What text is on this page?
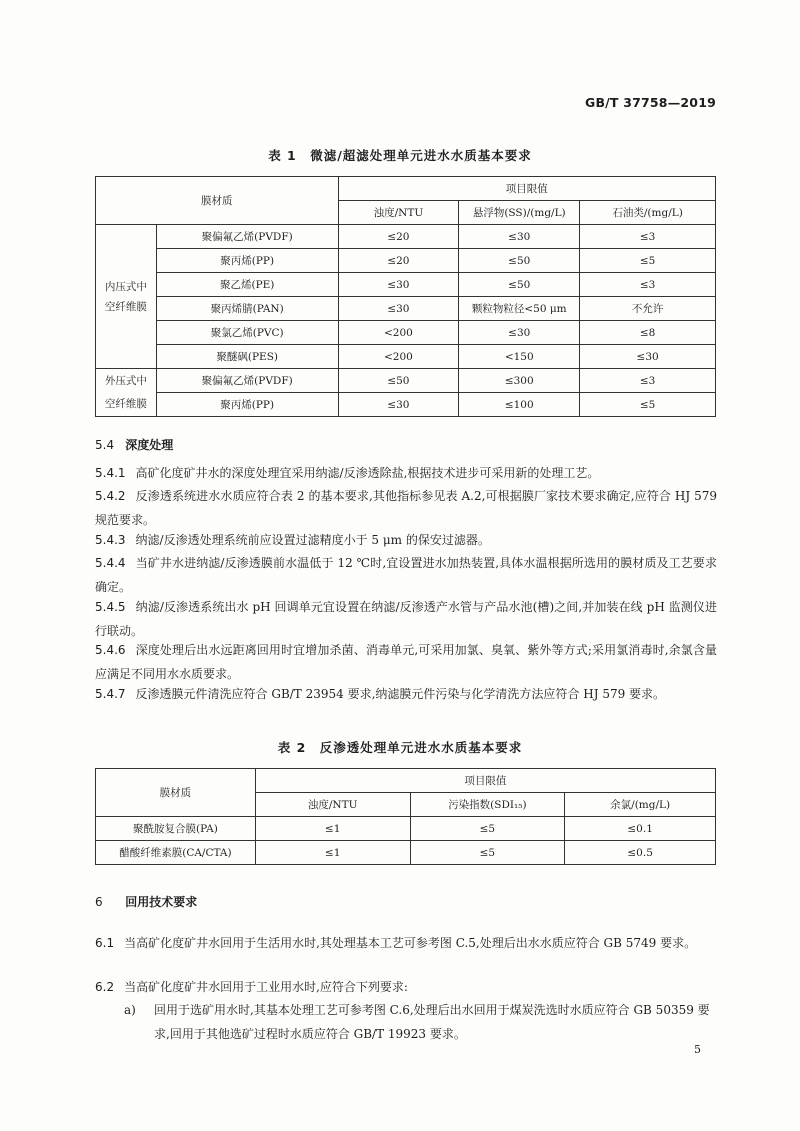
GB/T 37758—2019
表 1　微滤/超滤处理单元进水水质基本要求
膜材质		项目限值		
		浊度/NTU	悬浮物(SS)/(mg/L)	石油类/(mg/L)
内压式中空纤维膜	聚偏氟乙烯(PVDF)	≤20	≤30	≤3
	聚丙烯(PP)	≤20	≤50	≤5
	聚乙烯(PE)	≤30	≤50	≤3
	聚丙烯腈(PAN)	≤30	颗粒物粒径<50 μm	不允许
	聚氯乙烯(PVC)	<200	≤30	≤8
	聚醚砜(PES)	<200	<150	≤30
外压式中空纤维膜	聚偏氟乙烯(PVDF)	≤50	≤300	≤3
	聚丙烯(PP)	≤30	≤100	≤5
5.4 深度处理
5.4.1 高矿化度矿井水的深度处理宜采用纳滤/反渗透除盐,根据技术进步可采用新的处理工艺。
5.4.2 反渗透系统进水水质应符合表 2 的基本要求,其他指标参见表 A.2,可根据膜厂家技术要求确定,应符合 HJ 579 规范要求。
5.4.3 纳滤/反渗透处理系统前应设置过滤精度小于 5 μm 的保安过滤器。
5.4.4 当矿井水进纳滤/反渗透膜前水温低于 12 ℃时,宜设置进水加热装置,具体水温根据所选用的膜材质及工艺要求确定。
5.4.5 纳滤/反渗透系统出水 pH 回调单元宜设置在纳滤/反渗透产水管与产品水池(槽)之间,并加装在线 pH 监测仪进行联动。
5.4.6 深度处理后出水远距离回用时宜增加杀菌、消毒单元,可采用加氯、臭氧、紫外等方式;采用氯消毒时,余氯含量应满足不同用水水质要求。
5.4.7 反渗透膜元件清洗应符合 GB/T 23954 要求,纳滤膜元件污染与化学清洗方法应符合 HJ 579 要求。
表 2　反渗透处理单元进水水质基本要求
膜材质	项目限值		
	浊度/NTU	污染指数(SDI₁₅)	余氯/(mg/L)
聚酰胺复合膜(PA)	≤1	≤5	≤0.1
醋酸纤维素膜(CA/CTA)	≤1	≤5	≤0.5
6 回用技术要求
6.1 当高矿化度矿井水回用于生活用水时,其处理基本工艺可参考图 C.5,处理后出水水质应符合 GB 5749 要求。
6.2 当高矿化度矿井水回用于工业用水时,应符合下列要求:
a) 回用于选矿用水时,其基本处理工艺可参考图 C.6,处理后出水回用于煤炭洗选时水质应符合 GB 50359 要求,回用于其他选矿过程时水质应符合 GB/T 19923 要求。
5
